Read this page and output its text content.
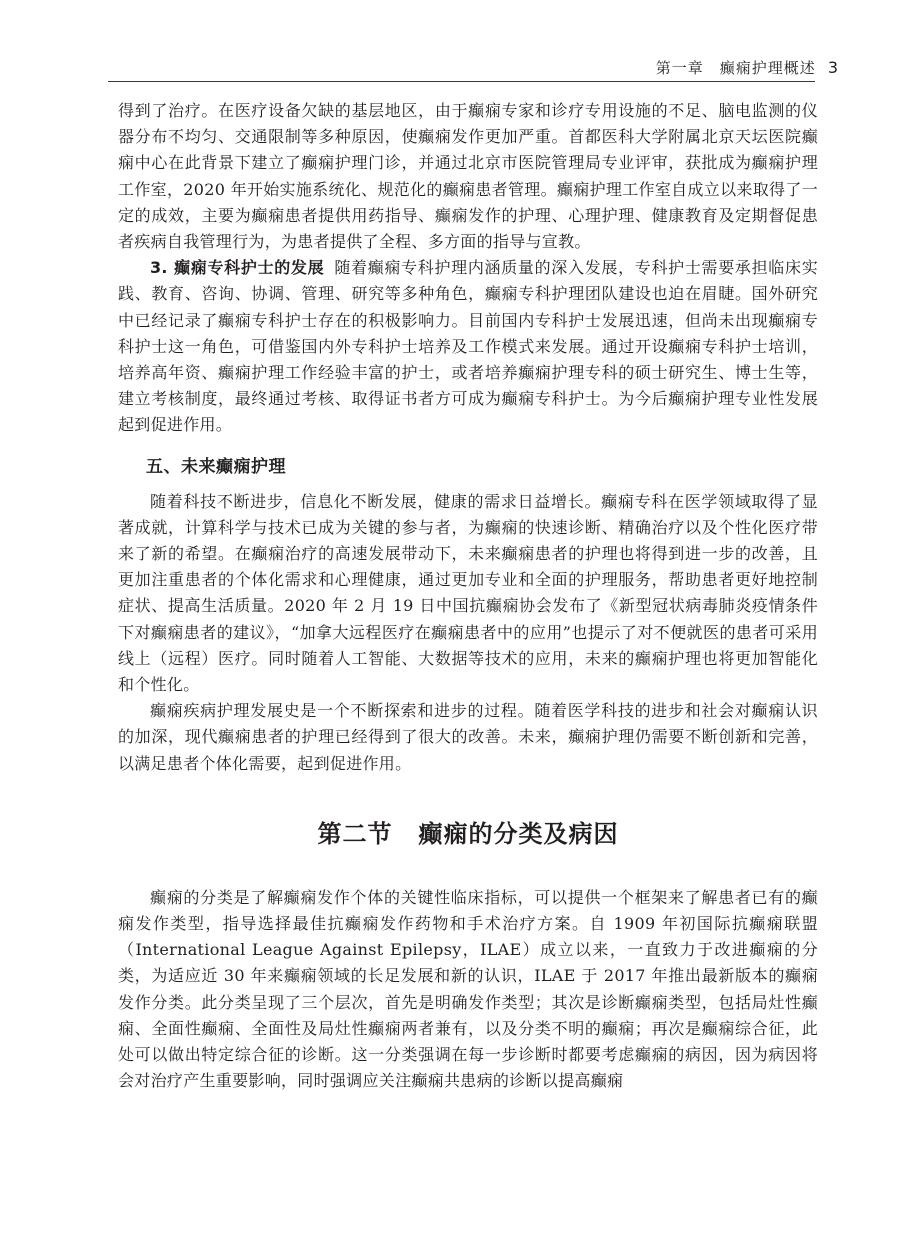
第一章　癫痫护理概述 3

得到了治疗。在医疗设备欠缺的基层地区，由于癫痫专家和诊疗专用设施的不足、脑电监测的仪器分布不均匀、交通限制等多种原因，使癫痫发作更加严重。首都医科大学附属北京天坛医院癫痫中心在此背景下建立了癫痫护理门诊，并通过北京市医院管理局专业评审，获批成为癫痫护理工作室，2020 年开始实施系统化、规范化的癫痫患者管理。癫痫护理工作室自成立以来取得了一定的成效，主要为癫痫患者提供用药指导、癫痫发作的护理、心理护理、健康教育及定期督促患者疾病自我管理行为，为患者提供了全程、多方面的指导与宣教。

3. 癫痫专科护士的发展 随着癫痫专科护理内涵质量的深入发展，专科护士需要承担临床实践、教育、咨询、协调、管理、研究等多种角色，癫痫专科护理团队建设也迫在眉睫。国外研究中已经记录了癫痫专科护士存在的积极影响力。目前国内专科护士发展迅速，但尚未出现癫痫专科护士这一角色，可借鉴国内外专科护士培养及工作模式来发展。通过开设癫痫专科护士培训，培养高年资、癫痫护理工作经验丰富的护士，或者培养癫痫护理专科的硕士研究生、博士生等，建立考核制度，最终通过考核、取得证书者方可成为癫痫专科护士。为今后癫痫护理专业性发展起到促进作用。

五、未来癫痫护理

随着科技不断进步，信息化不断发展，健康的需求日益增长。癫痫专科在医学领域取得了显著成就，计算科学与技术已成为关键的参与者，为癫痫的快速诊断、精确治疗以及个性化医疗带来了新的希望。在癫痫治疗的高速发展带动下，未来癫痫患者的护理也将得到进一步的改善，且更加注重患者的个体化需求和心理健康，通过更加专业和全面的护理服务，帮助患者更好地控制症状、提高生活质量。2020 年 2 月 19 日中国抗癫痫协会发布了《新型冠状病毒肺炎疫情条件下对癫痫患者的建议》，“加拿大远程医疗在癫痫患者中的应用”也提示了对不便就医的患者可采用线上（远程）医疗。同时随着人工智能、大数据等技术的应用，未来的癫痫护理也将更加智能化和个性化。

癫痫疾病护理发展史是一个不断探索和进步的过程。随着医学科技的进步和社会对癫痫认识的加深，现代癫痫患者的护理已经得到了很大的改善。未来，癫痫护理仍需要不断创新和完善，以满足患者个体化需要，起到促进作用。

第二节 癫痫的分类及病因

癫痫的分类是了解癫痫发作个体的关键性临床指标，可以提供一个框架来了解患者已有的癫痫发作类型，指导选择最佳抗癫痫发作药物和手术治疗方案。自 1909 年初国际抗癫痫联盟（International League Against Epilepsy，ILAE）成立以来，一直致力于改进癫痫的分类，为适应近 30 年来癫痫领域的长足发展和新的认识，ILAE 于 2017 年推出最新版本的癫痫发作分类。此分类呈现了三个层次，首先是明确发作类型；其次是诊断癫痫类型，包括局灶性癫痫、全面性癫痫、全面性及局灶性癫痫两者兼有，以及分类不明的癫痫；再次是癫痫综合征，此处可以做出特定综合征的诊断。这一分类强调在每一步诊断时都要考虑癫痫的病因，因为病因将会对治疗产生重要影响，同时强调应关注癫痫共患病的诊断以提高癫痫
